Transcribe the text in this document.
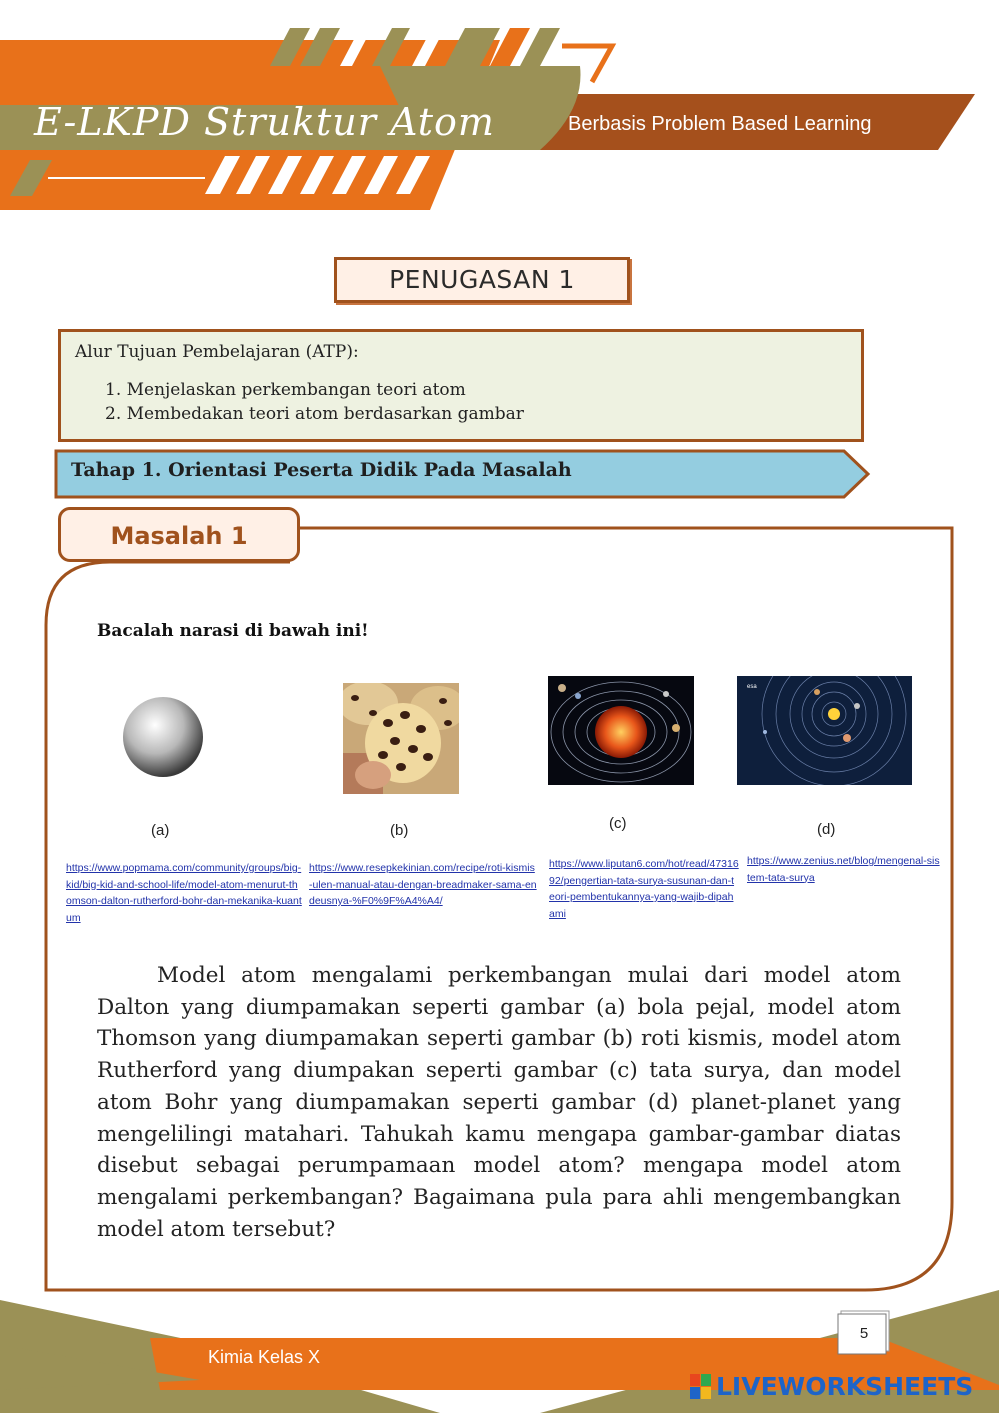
E-LKPD Struktur Atom	Berbasis Problem Based Learning
PENUGASAN 1
Alur Tujuan Pembelajaran (ATP):
1. Menjelaskan perkembangan teori atom
2. Membedakan teori atom berdasarkan gambar
Tahap 1. Orientasi Peserta Didik Pada Masalah
Masalah 1
Bacalah narasi di bawah ini!
(a)
https://www.popmama.com/community/groups/big-kid/big-kid-and-school-life/model-atom-menurut-thomson-dalton-rutherford-bohr-dan-mekanika-kuantum
(b)
https://www.resepkekinian.com/recipe/roti-kismis-ulen-manual-atau-dengan-breadmaker-sama-endeusnya-%F0%9F%A4%A4/
(c)
https://www.liputan6.com/hot/read/4731692/pengertian-tata-surya-susunan-dan-teori-pembentukannya-yang-wajib-dipahami
esa
(d)
https://www.zenius.net/blog/mengenal-sistem-tata-surya
Model atom mengalami perkembangan mulai dari model atom Dalton yang diumpamakan seperti gambar (a) bola pejal, model atom Thomson yang diumpamakan seperti gambar (b) roti kismis, model atom Rutherford yang diumpakan seperti gambar (c) tata surya, dan model atom Bohr yang diumpamakan seperti gambar (d) planet-planet yang mengelilingi matahari. Tahukah kamu mengapa gambar-gambar diatas disebut sebagai perumpamaan model atom? mengapa model atom mengalami perkembangan? Bagaimana pula para ahli mengembangkan model atom tersebut?
Kimia Kelas X
5
LIVEWORKSHEETS
